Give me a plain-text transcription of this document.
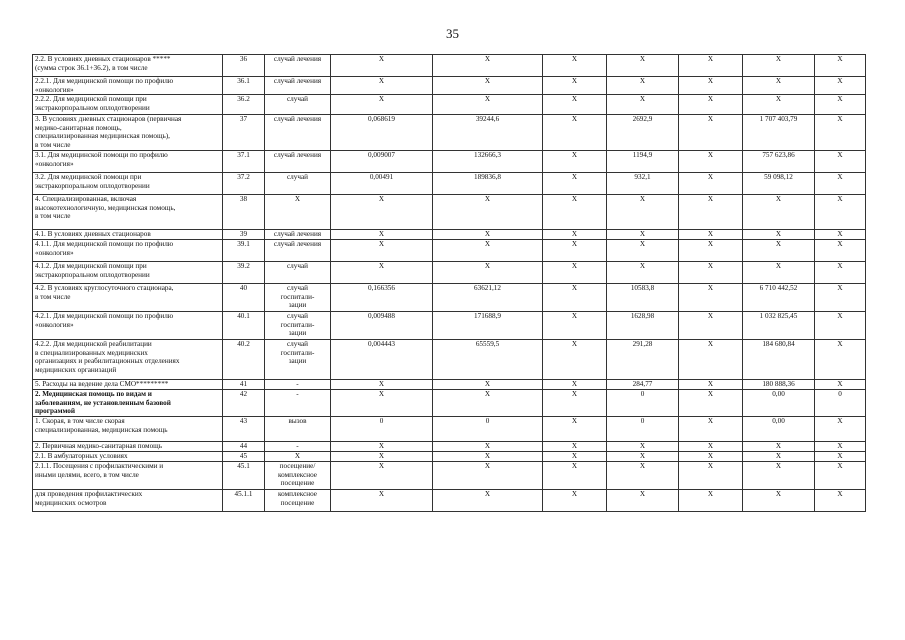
35
2.2. В условиях дневных стационаров *****
(сумма строк 36.1+36.2), в том числе	36	случай лечения	X	X	X	X	X	X	X
2.2.1. Для медицинской помощи по профилю
«онкология»	36.1	случай лечения	X	X	X	X	X	X	X
2.2.2. Для медицинской помощи при
экстракорпоральном оплодотворении	36.2	случай	X	X	X	X	X	X	X
3. В условиях дневных стационаров (первичная
медико-санитарная помощь,
специализированная медицинская помощь),
в том числе	37	случай лечения	0,068619	39244,6	X	2692,9	X	1 707 403,79	X
3.1. Для медицинской помощи по профилю
«онкология»	37.1	случай лечения	0,009007	132666,3	X	1194,9	X	757 623,86	X
3.2. Для медицинской помощи при
экстракорпоральном оплодотворении	37.2	случай	0,00491	189836,8	X	932,1	X	59 098,12	X
4. Специализированная, включая
высокотехнологичную, медицинская помощь,
в том числе	38	X	X	X	X	X	X	X	X
4.1. В условиях дневных стационаров	39	случай лечения	X	X	X	X	X	X	X
4.1.1. Для медицинской помощи по профилю
«онкология»	39.1	случай лечения	X	X	X	X	X	X	X
4.1.2. Для медицинской помощи при
экстракорпоральном оплодотворении	39.2	случай	X	X	X	X	X	X	X
4.2. В условиях круглосуточного стационара,
в том числе	40	случай
госпитали-
зации	0,166356	63621,12	X	10583,8	X	6 710 442,52	X
4.2.1. Для медицинской помощи по профилю
«онкология»	40.1	случай
госпитали-
зации	0,009488	171688,9	X	1628,98	X	1 032 825,45	X
4.2.2. Для медицинской реабилитации
в специализированных медицинских
организациях и реабилитационных отделениях
медицинских организаций	40.2	случай
госпитали-
зации	0,004443	65559,5	X	291,28	X	184 680,84	X
5. Расходы на ведение дела СМО*********	41	-	X	X	X	284,77	X	180 888,36	X
2. Медицинская помощь по видам и
заболеваниям, не установленным базовой
программой	42	-	X	X	X	0	X	0,00	0
1. Скорая, в том числе скорая
специализированная, медицинская помощь	43	вызов	0	0	X	0	X	0,00	X
2. Первичная медико-санитарная помощь	44	-	X	X	X	X	X	X	X
2.1. В амбулаторных условиях	45	X	X	X	X	X	X	X	X
2.1.1. Посещения с профилактическими и
иными целями, всего, в том числе	45.1	посещение/
комплексное
посещение	X	X	X	X	X	X	X
для проведения профилактических
медицинских осмотров	45.1.1	комплексное
посещение	X	X	X	X	X	X	X
